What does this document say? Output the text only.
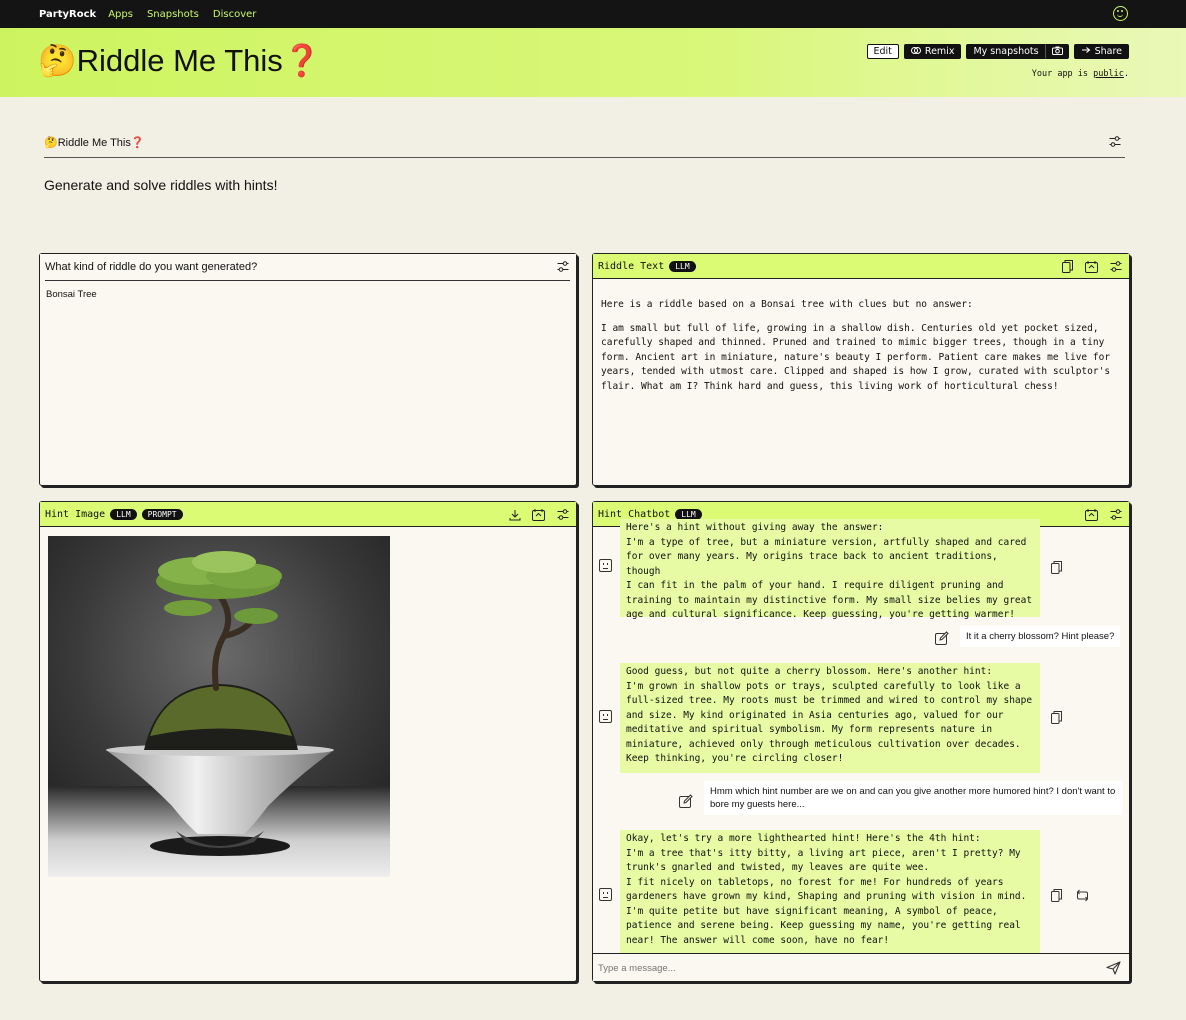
PartyRock Apps Snapshots Discover
🤔Riddle Me This❓	Edit	Remix My snapshots	Share
Your app is public.
🤔Riddle Me This❓
Generate and solve riddles with hints!
What kind of riddle do you want generated?
Bonsai Tree
Riddle Text	LLM

Here is a riddle based on a Bonsai tree with clues but no answer:

I am small but full of life, growing in a shallow dish. Centuries old yet pocket sized, carefully shaped and thinned. Pruned and trained to mimic bigger trees, though in a tiny form. Ancient art in miniature, nature's beauty I perform. Patient care makes me live for years, tended with utmost care. Clipped and shaped is how I grow, curated with sculptor's flair. What am I? Think hard and guess, this living work of horticultural chess!

Hint Image	LLM	PROMPT	Hint Chatbot	LLM
Here's a hint without giving away the answer:
I'm a type of tree, but a miniature version, artfully shaped and cared
for over many years. My origins trace back to ancient traditions, though
I can fit in the palm of your hand. I require diligent pruning and
training to maintain my distinctive form. My small size belies my great
age and cultural significance. Keep guessing, you're getting warmer!
It it a cherry blossom? Hint please?
Good guess, but not quite a cherry blossom. Here's another hint:
I'm grown in shallow pots or trays, sculpted carefully to look like a
full-sized tree. My roots must be trimmed and wired to control my shape
and size. My kind originated in Asia centuries ago, valued for our
meditative and spiritual symbolism. My form represents nature in
miniature, achieved only through meticulous cultivation over decades.
Keep thinking, you're circling closer!
Hmm which hint number are we on and can you give another more humored hint? I don't want to bore my guests here...
Okay, let's try a more lighthearted hint! Here's the 4th hint:
I'm a tree that's itty bitty, a living art piece, aren't I pretty? My
trunk's gnarled and twisted, my leaves are quite wee.
I fit nicely on tabletops, no forest for me! For hundreds of years
gardeners have grown my kind, Shaping and pruning with vision in mind.
I'm quite petite but have significant meaning, A symbol of peace,
patience and serene being. Keep guessing my name, you're getting real
near! The answer will come soon, have no fear!
Type a message...
